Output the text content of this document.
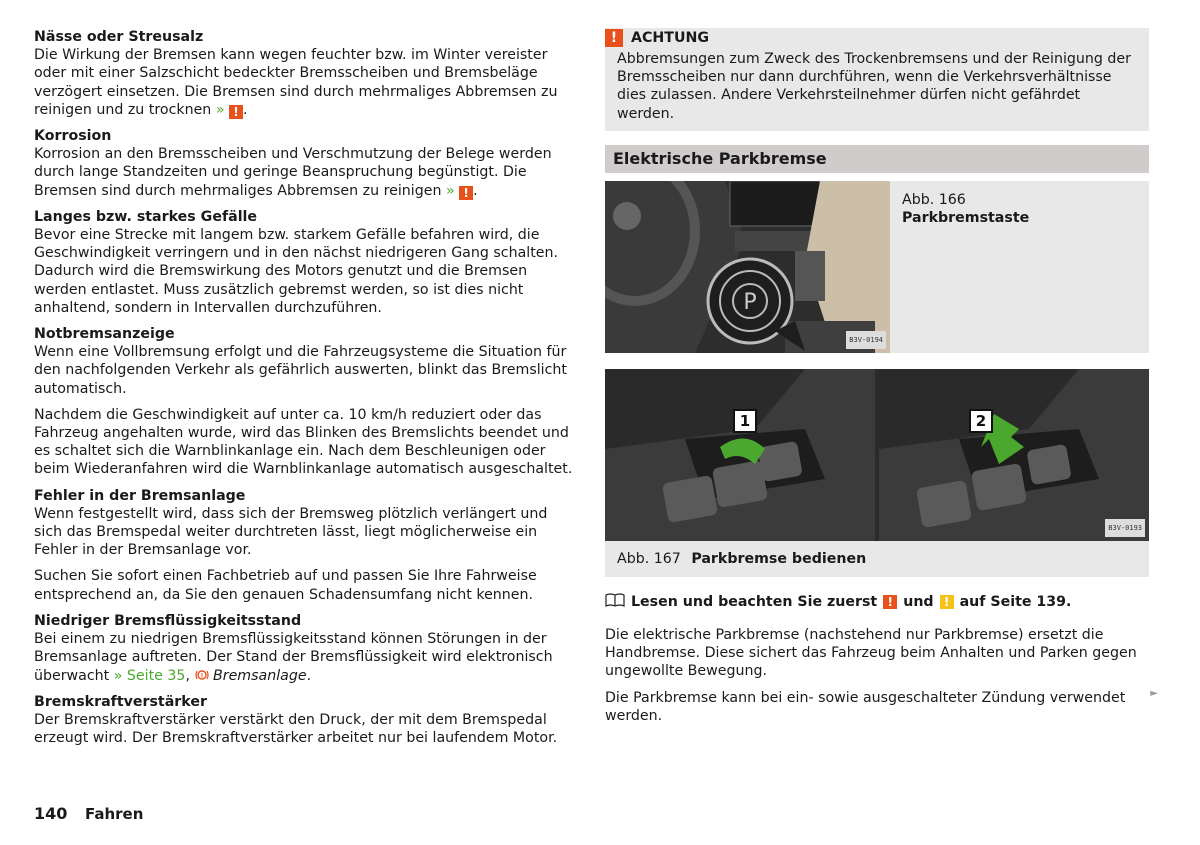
Nässe oder Streusalz
Die Wirkung der Bremsen kann wegen feuchter bzw. im Winter vereister oder mit einer Salzschicht bedeckter Bremsscheiben und Bremsbeläge verzögert einsetzen. Die Bremsen sind durch mehrmaliges Abbremsen zu reinigen und zu trocknen » ! .
Korrosion
Korrosion an den Bremsscheiben und Verschmutzung der Belege werden durch lange Standzeiten und geringe Beanspruchung begünstigt. Die Bremsen sind durch mehrmaliges Abbremsen zu reinigen » ! .
Langes bzw. starkes Gefälle
Bevor eine Strecke mit langem bzw. starkem Gefälle befahren wird, die Geschwindigkeit verringern und in den nächst niedrigeren Gang schalten. Dadurch wird die Bremswirkung des Motors genutzt und die Bremsen werden entlastet. Muss zusätzlich gebremst werden, so ist dies nicht anhaltend, sondern in Intervallen durchzuführen.
Notbremsanzeige
Wenn eine Vollbremsung erfolgt und die Fahrzeugsysteme die Situation für den nachfolgenden Verkehr als gefährlich auswerten, blinkt das Bremslicht automatisch.
Nachdem die Geschwindigkeit auf unter ca. 10 km/h reduziert oder das Fahrzeug angehalten wurde, wird das Blinken des Bremslichts beendet und es schaltet sich die Warnblinkanlage ein. Nach dem Beschleunigen oder beim Wiederanfahren wird die Warnblinkanlage automatisch ausgeschaltet.
Fehler in der Bremsanlage
Wenn festgestellt wird, dass sich der Bremsweg plötzlich verlängert und sich das Bremspedal weiter durchtreten lässt, liegt möglicherweise ein Fehler in der Bremsanlage vor.
Suchen Sie sofort einen Fachbetrieb auf und passen Sie Ihre Fahrweise entsprechend an, da Sie den genauen Schadensumfang nicht kennen.
Niedriger Bremsflüssigkeitsstand
Bei einem zu niedrigen Bremsflüssigkeitsstand können Störungen in der Bremsanlage auftreten. Der Stand der Bremsflüssigkeit wird elektronisch überwacht » Seite 35, ! Bremsanlage.
Bremskraftverstärker
Der Bremskraftverstärker verstärkt den Druck, der mit dem Bremspedal erzeugt wird. Der Bremskraftverstärker arbeitet nur bei laufendem Motor.
! ACHTUNG
Abbremsungen zum Zweck des Trockenbremsens und der Reinigung der Bremsscheiben nur dann durchführen, wenn die Verkehrsverhältnisse dies zulassen. Andere Verkehrsteilnehmer dürfen nicht gefährdet werden.
Elektrische Parkbremse
P
B3V-0194
Abb. 166
Parkbremstaste
1	2
B3V-0193
Abb. 167 Parkbremse bedienen
Lesen und beachten Sie zuerst ! und ! auf Seite 139.
Die elektrische Parkbremse (nachstehend nur Parkbremse) ersetzt die Handbremse. Diese sichert das Fahrzeug beim Anhalten und Parken gegen ungewollte Bewegung.
Die Parkbremse kann bei ein- sowie ausgeschalteter Zündung verwendet werden.
►
140 Fahren
